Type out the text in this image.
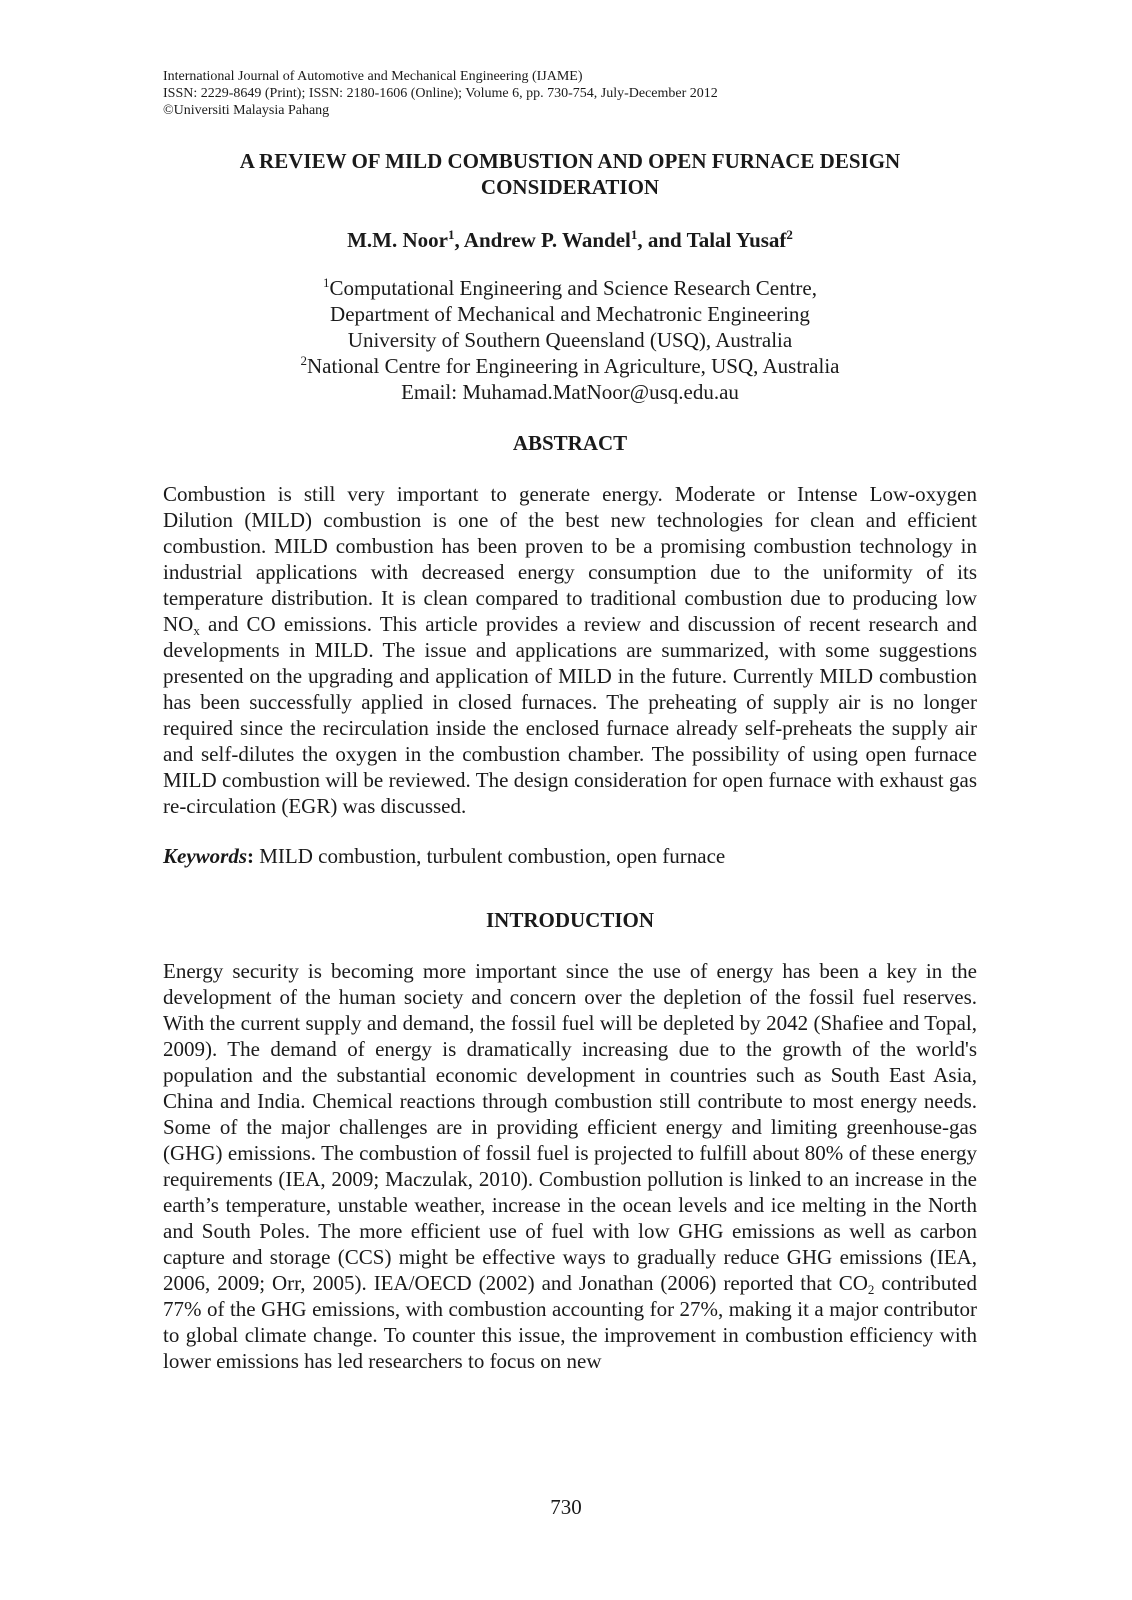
International Journal of Automotive and Mechanical Engineering (IJAME)

ISSN: 2229-8649 (Print); ISSN: 2180-1606 (Online); Volume 6, pp. 730-754, July-December 2012

©Universiti Malaysia Pahang

A REVIEW OF MILD COMBUSTION AND OPEN FURNACE DESIGN
CONSIDERATION
M.M. Noor$^1$, Andrew P. Wandel$^1$, and Talal Yusaf$^2$
$^1$Computational Engineering and Science Research Centre,
Department of Mechanical and Mechatronic Engineering
University of Southern Queensland (USQ), Australia
$^2$National Centre for Engineering in Agriculture, USQ, Australia
Email: Muhamad.MatNoor@usq.edu.au
ABSTRACT

Combustion is still very important to generate energy. Moderate or Intense Low-oxygen Dilution (MILD) combustion is one of the best new technologies for clean and efficient combustion. MILD combustion has been proven to be a promising combustion technology in industrial applications with decreased energy consumption due to the uniformity of its temperature distribution. It is clean compared to traditional combustion due to producing low $NO_x$ and CO emissions. This article provides a review and discussion of recent research and developments in MILD. The issue and applications are summarized, with some suggestions presented on the upgrading and application of MILD in the future. Currently MILD combustion has been successfully applied in closed furnaces. The preheating of supply air is no longer required since the recirculation inside the enclosed furnace already self-preheats the supply air and self-dilutes the oxygen in the combustion chamber. The possibility of using open furnace MILD combustion will be reviewed. The design consideration for open furnace with exhaust gas re-circulation (EGR) was discussed.

Keywords: MILD combustion, turbulent combustion, open furnace

INTRODUCTION

Energy security is becoming more important since the use of energy has been a key in the development of the human society and concern over the depletion of the fossil fuel reserves. With the current supply and demand, the fossil fuel will be depleted by 2042 (Shafiee and Topal, 2009). The demand of energy is dramatically increasing due to the growth of the world's population and the substantial economic development in countries such as South East Asia, China and India. Chemical reactions through combustion still contribute to most energy needs. Some of the major challenges are in providing efficient energy and limiting greenhouse-gas (GHG) emissions. The combustion of fossil fuel is projected to fulfill about 80% of these energy requirements (IEA, 2009; Maczulak, 2010). Combustion pollution is linked to an increase in the earth’s temperature, unstable weather, increase in the ocean levels and ice melting in the North and South Poles. The more efficient use of fuel with low GHG emissions as well as carbon capture and storage (CCS) might be effective ways to gradually reduce GHG emissions (IEA, 2006, 2009; Orr, 2005). IEA/OECD (2002) and Jonathan (2006) reported that $CO_2$ contributed 77% of the GHG emissions, with combustion accounting for 27%, making it a major contributor to global climate change. To counter this issue, the improvement in combustion efficiency with lower emissions has led researchers to focus on new

730
